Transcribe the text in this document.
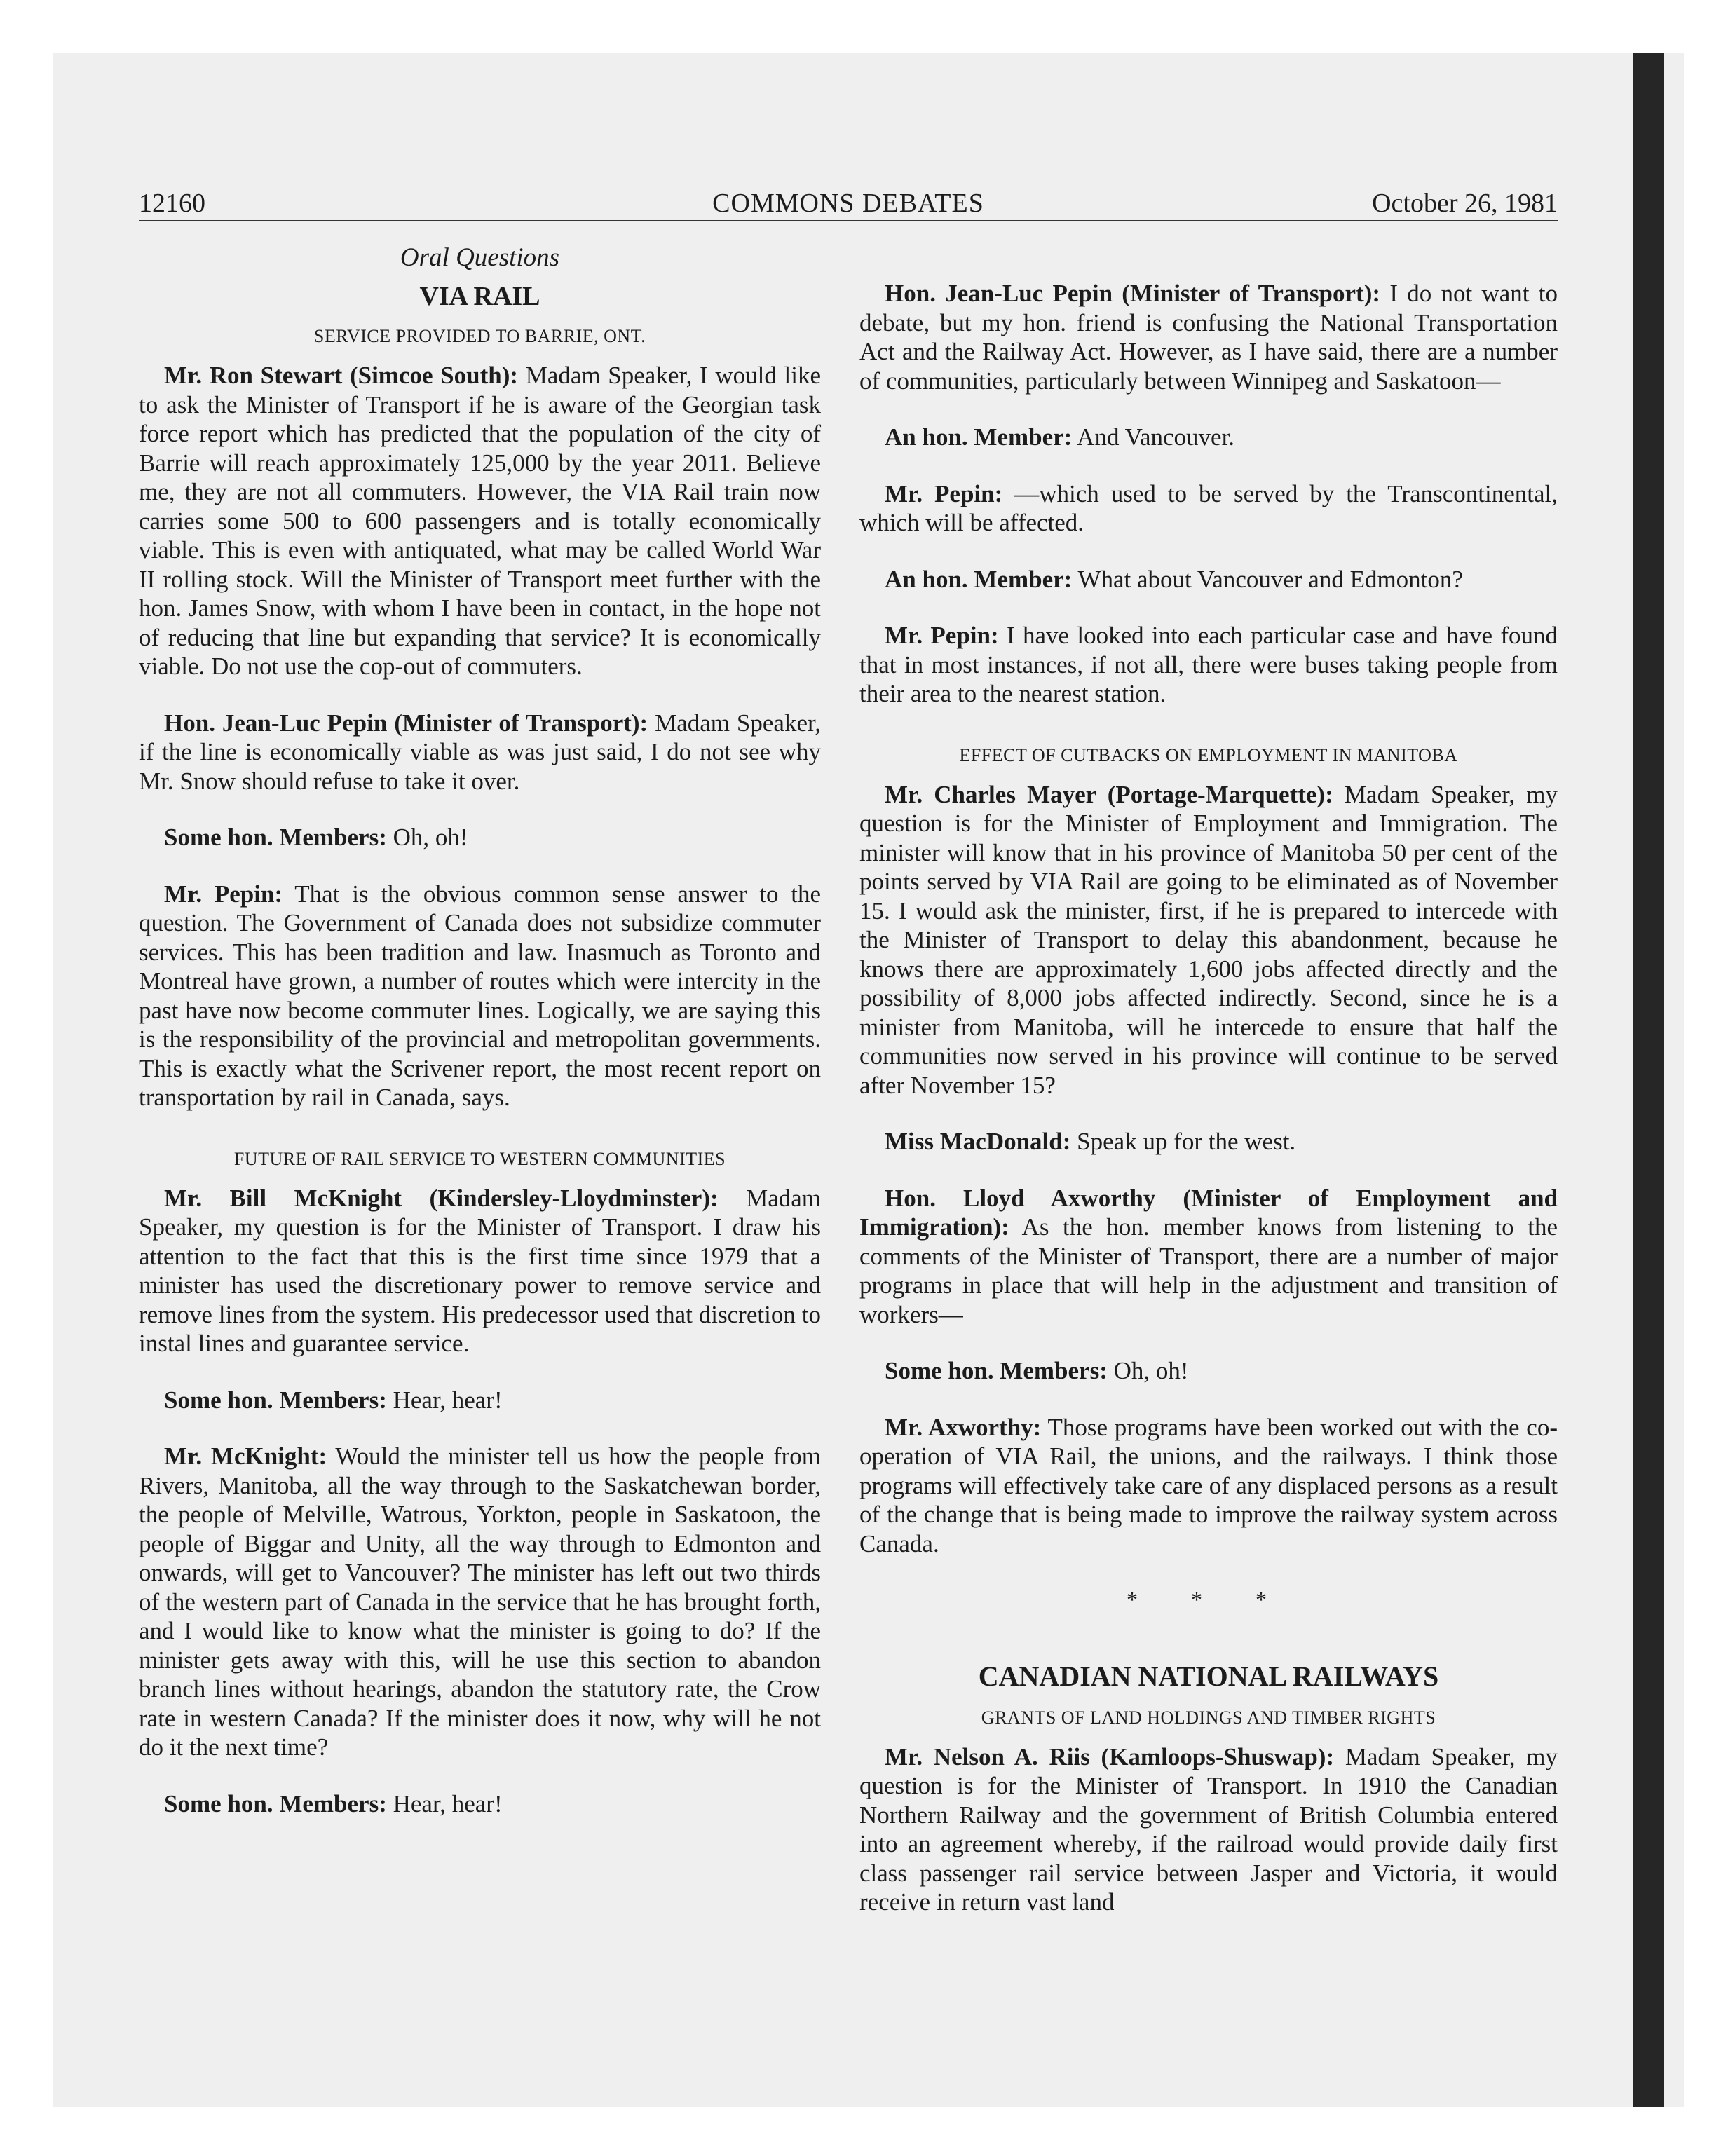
12160	COMMONS DEBATES	October 26, 1981
Oral Questions
VIA RAIL
SERVICE PROVIDED TO BARRIE, ONT.

Mr. Ron Stewart (Simcoe South): Madam Speaker, I would like to ask the Minister of Transport if he is aware of the Georgian task force report which has predicted that the population of the city of Barrie will reach approximately 125,000 by the year 2011. Believe me, they are not all commuters. However, the VIA Rail train now carries some 500 to 600 passengers and is totally economically viable. This is even with antiquated, what may be called World War II rolling stock. Will the Minister of Transport meet further with the hon. James Snow, with whom I have been in contact, in the hope not of reducing that line but expanding that service? It is economically viable. Do not use the cop-out of commuters.

Hon. Jean-Luc Pepin (Minister of Transport): Madam Speaker, if the line is economically viable as was just said, I do not see why Mr. Snow should refuse to take it over.

Some hon. Members: Oh, oh!

Mr. Pepin: That is the obvious common sense answer to the question. The Government of Canada does not subsidize commuter services. This has been tradition and law. Inasmuch as Toronto and Montreal have grown, a number of routes which were intercity in the past have now become commuter lines. Logically, we are saying this is the responsibility of the provincial and metropolitan governments. This is exactly what the Scrivener report, the most recent report on transportation by rail in Canada, says.

FUTURE OF RAIL SERVICE TO WESTERN COMMUNITIES

Mr. Bill McKnight (Kindersley-Lloydminster): Madam Speaker, my question is for the Minister of Transport. I draw his attention to the fact that this is the first time since 1979 that a minister has used the discretionary power to remove service and remove lines from the system. His predecessor used that discretion to instal lines and guarantee service.

Some hon. Members: Hear, hear!

Mr. McKnight: Would the minister tell us how the people from Rivers, Manitoba, all the way through to the Saskatchewan border, the people of Melville, Watrous, Yorkton, people in Saskatoon, the people of Biggar and Unity, all the way through to Edmonton and onwards, will get to Vancouver? The minister has left out two thirds of the western part of Canada in the service that he has brought forth, and I would like to know what the minister is going to do? If the minister gets away with this, will he use this section to abandon branch lines without hearings, abandon the statutory rate, the Crow rate in western Canada? If the minister does it now, why will he not do it the next time?

Some hon. Members: Hear, hear!

Hon. Jean-Luc Pepin (Minister of Transport): I do not want to debate, but my hon. friend is confusing the National Transportation Act and the Railway Act. However, as I have said, there are a number of communities, particularly between Winnipeg and Saskatoon—

An hon. Member: And Vancouver.

Mr. Pepin: —which used to be served by the Transcontinental, which will be affected.

An hon. Member: What about Vancouver and Edmonton?

Mr. Pepin: I have looked into each particular case and have found that in most instances, if not all, there were buses taking people from their area to the nearest station.

EFFECT OF CUTBACKS ON EMPLOYMENT IN MANITOBA

Mr. Charles Mayer (Portage-Marquette): Madam Speaker, my question is for the Minister of Employment and Immigration. The minister will know that in his province of Manitoba 50 per cent of the points served by VIA Rail are going to be eliminated as of November 15. I would ask the minister, first, if he is prepared to intercede with the Minister of Transport to delay this abandonment, because he knows there are approximately 1,600 jobs affected directly and the possibility of 8,000 jobs affected indirectly. Second, since he is a minister from Manitoba, will he intercede to ensure that half the communities now served in his province will continue to be served after November 15?

Miss MacDonald: Speak up for the west.

Hon. Lloyd Axworthy (Minister of Employment and Immigration): As the hon. member knows from listening to the comments of the Minister of Transport, there are a number of major programs in place that will help in the adjustment and transition of workers—

Some hon. Members: Oh, oh!

Mr. Axworthy: Those programs have been worked out with the co-operation of VIA Rail, the unions, and the railways. I think those programs will effectively take care of any displaced persons as a result of the change that is being made to improve the railway system across Canada.

* * *
CANADIAN NATIONAL RAILWAYS
GRANTS OF LAND HOLDINGS AND TIMBER RIGHTS

Mr. Nelson A. Riis (Kamloops-Shuswap): Madam Speaker, my question is for the Minister of Transport. In 1910 the Canadian Northern Railway and the government of British Columbia entered into an agreement whereby, if the railroad would provide daily first class passenger rail service between Jasper and Victoria, it would receive in return vast land
